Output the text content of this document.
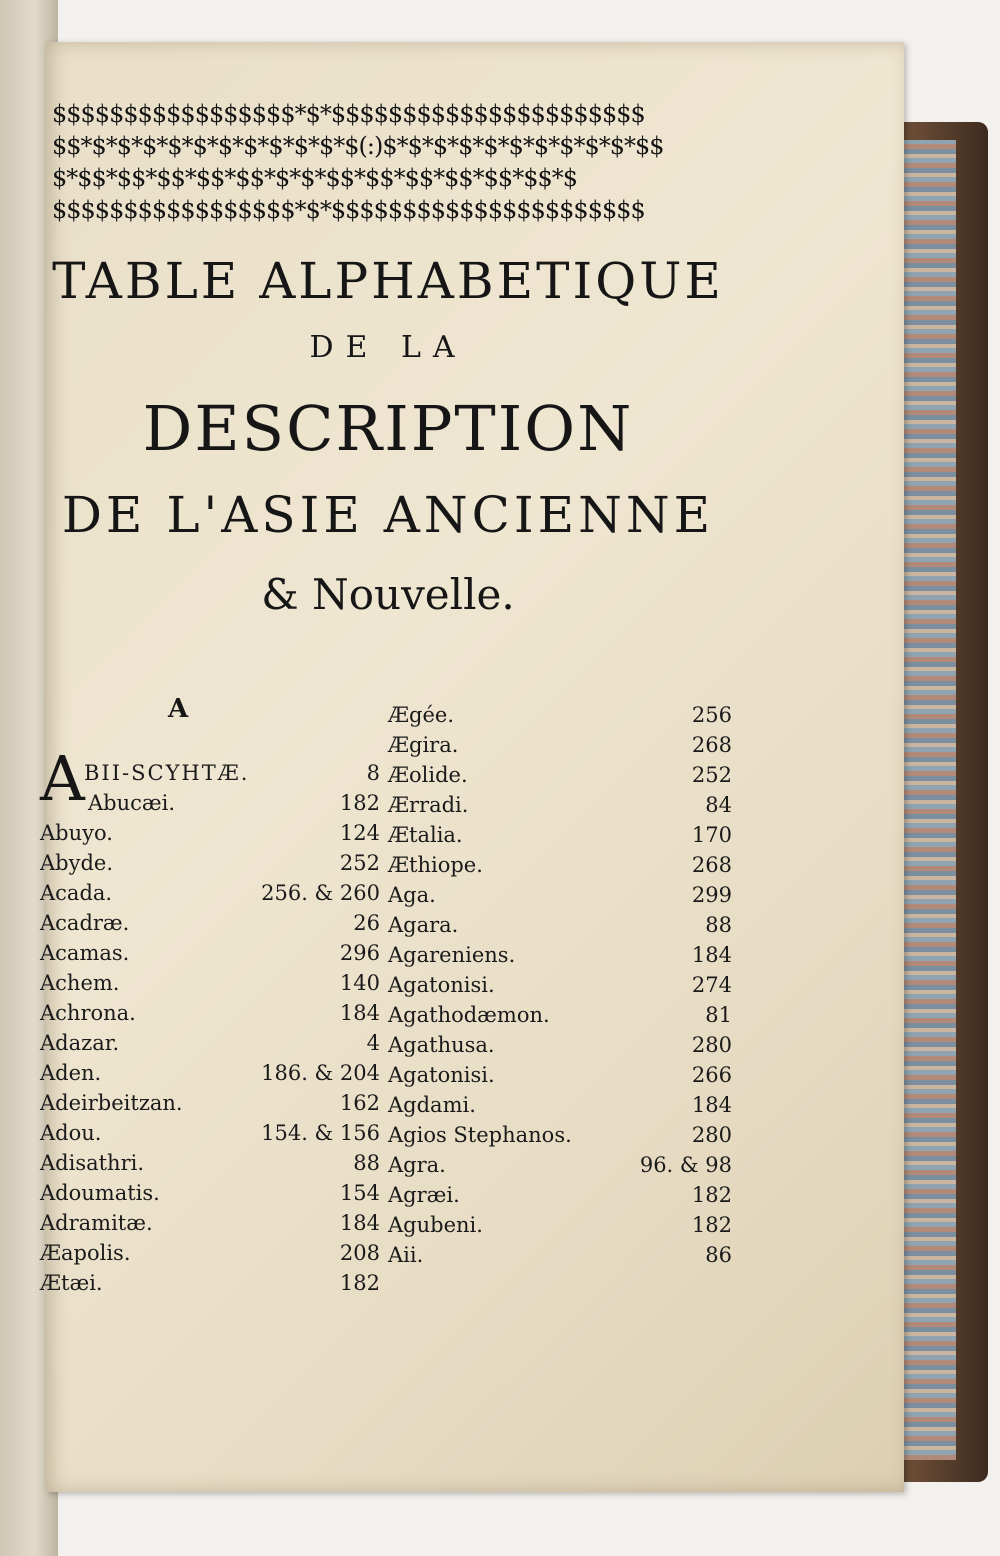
$$$$$$$$$$$$$$$$$*$*$$$$$$$$$$$$$$$$$$$$$$
$$*$*$*$*$*$*$*$*$*$*$*$(:)$*$*$*$*$*$*$*$*$*$*$$
$*$$*$$*$$*$$*$$*$*$*$$*$$*$$*$$*$$*$$*$
$$$$$$$$$$$$$$$$$*$*$$$$$$$$$$$$$$$$$$$$$$
TABLE ALPHABETIQUE
DE LA
DESCRIPTION
DE L'ASIE ANCIENNE
& Nouvelle.
A
A BII-SCYHTÆ.	8
Abucæi.	182
Abuyo.	124
Abyde.	252
Acada.	256. & 260
Acadræ.	26
Acamas.	296
Achem.	140
Achrona.	184
Adazar.	4
Aden.	186. & 204
Adeirbeitzan.	162
Adou.	154. & 156
Adisathri.	88
Adoumatis.	154
Adramitæ.	184
Æapolis.	208
Ætæi.	182
Ægée.	256
Ægira.	268
Æolide.	252
Ærradi.	84
Ætalia.	170
Æthiope.	268
Aga.	299
Agara.	88
Agareniens.	184
Agatonisi.	274
Agathodæmon.	81
Agathusa.	280
Agatonisi.	266
Agdami.	184
Agios Stephanos.	280
Agra.	96. & 98
Agræi.	182
Agubeni.	182
Aii.	86
